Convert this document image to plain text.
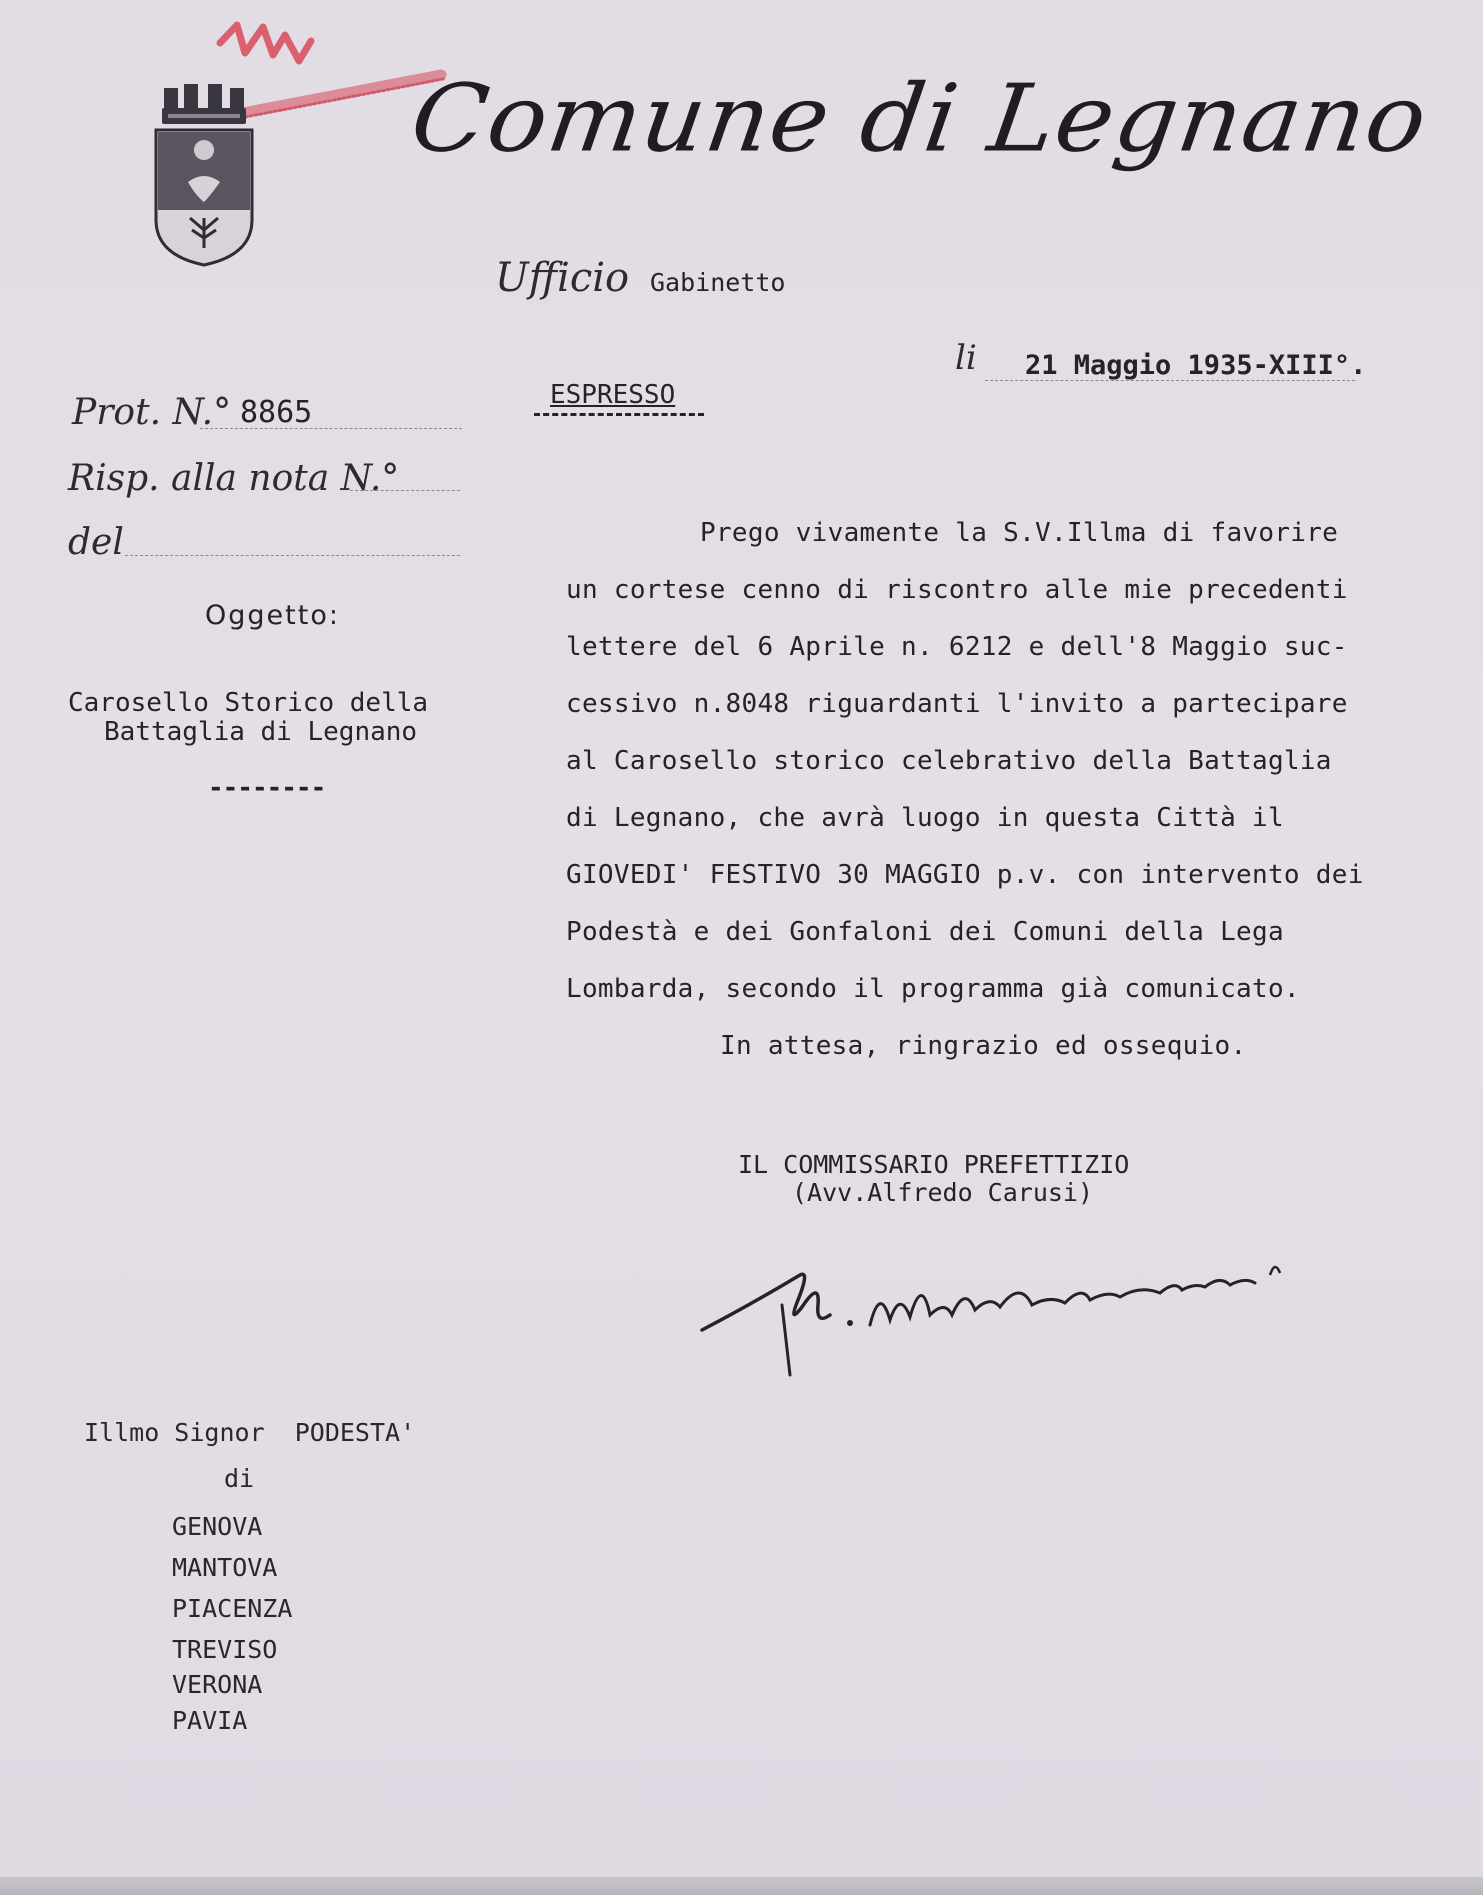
Comune di Legnano
Ufficio Gabinetto
li 21 Maggio 1935-XIII°.
ESPRESSO
Prot. N.° 8865
Risp. alla nota N.°
del
Oggetto:
Carosello Storico della
Battaglia di Legnano
--------
Prego vivamente la S.V.Illma di favorire
un cortese cenno di riscontro alle mie precedenti
lettere del 6 Aprile n. 6212 e dell'8 Maggio suc-
cessivo n.8048 riguardanti l'invito a partecipare
al Carosello storico celebrativo della Battaglia
di Legnano, che avrà luogo in questa Città il
GIOVEDI' FESTIVO 30 MAGGIO p.v. con intervento dei
Podestà e dei Gonfaloni dei Comuni della Lega
Lombarda, secondo il programma già comunicato.
In attesa, ringrazio ed ossequio.
IL COMMISSARIO PREFETTIZIO
(Avv.Alfredo Carusi)
Illmo Signor  PODESTA'
di
GENOVA
MANTOVA
PIACENZA
TREVISO
VERONA
PAVIA
